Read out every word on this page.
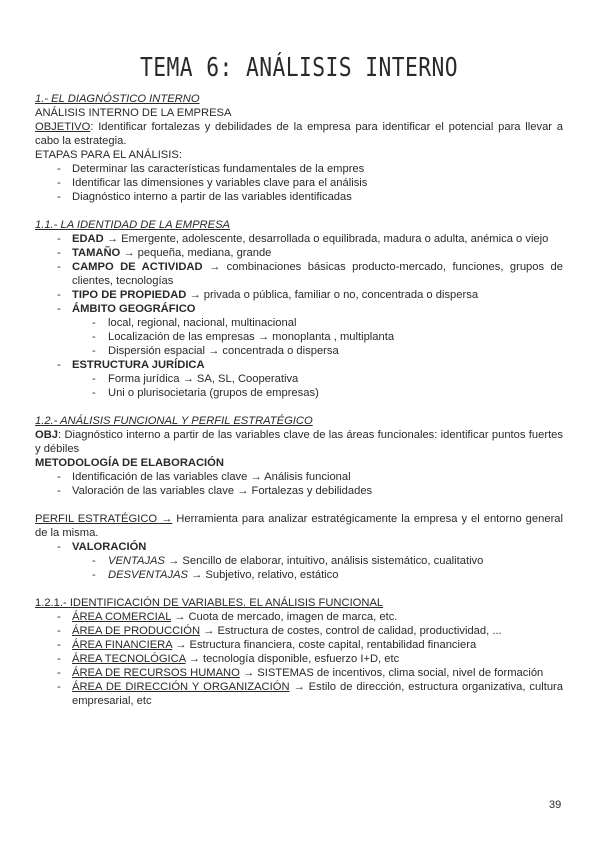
TEMA 6: ANÁLISIS INTERNO

1.- EL DIAGNÓSTICO INTERNO

ANÁLISIS INTERNO DE LA EMPRESA

OBJETIVO: Identificar fortalezas y debilidades de la empresa para identificar el potencial para llevar a cabo la estrategia.

ETAPAS PARA EL ANÁLISIS:

- Determinar las características fundamentales de la empres
- Identificar las dimensiones y variables clave para el análisis
- Diagnóstico interno a partir de las variables identificadas

1.1.- LA IDENTIDAD DE LA EMPRESA

- EDAD → Emergente, adolescente, desarrollada o equilibrada, madura o adulta, anémica o viejo
- TAMAÑO → pequeña, mediana, grande
- CAMPO DE ACTIVIDAD → combinaciones básicas producto-mercado, funciones, grupos de clientes, tecnologías
- TIPO DE PROPIEDAD → privada o pública, familiar o no, concentrada o dispersa
- ÁMBITO GEOGRÁFICO
- local, regional, nacional, multinacional
- Localización de las empresas → monoplanta , multiplanta
- Dispersión espacial → concentrada o dispersa
- ESTRUCTURA JURÍDICA
- Forma jurídica → SA, SL, Cooperativa
- Uni o plurisocietaria (grupos de empresas)

1.2.- ANÁLISIS FUNCIONAL Y PERFIL ESTRATÉGICO

OBJ: Diagnóstico interno a partir de las variables clave de las áreas funcionales: identificar puntos fuertes y débiles

METODOLOGÍA DE ELABORACIÓN

- Identificación de las variables clave → Análisis funcional
- Valoración de las variables clave → Fortalezas y debilidades

PERFIL ESTRATÉGICO → Herramienta para analizar estratégicamente la empresa y el entorno general de la misma.

- VALORACIÓN
- VENTAJAS → Sencillo de elaborar, intuitivo, análisis sistemático, cualitativo
- DESVENTAJAS → Subjetivo, relativo, estático

1.2.1.- IDENTIFICACIÓN DE VARIABLES. EL ANÁLISIS FUNCIONAL

- ÁREA COMERCIAL → Cuota de mercado, imagen de marca, etc.
- ÁREA DE PRODUCCIÓN → Estructura de costes, control de calidad, productividad, ...
- ÁREA FINANCIERA → Estructura financiera, coste capital, rentabilidad financiera
- ÁREA TECNOLÓGICA → tecnología disponible, esfuerzo I+D, etc
- ÁREA DE RECURSOS HUMANO → SISTEMAS de incentivos, clima social, nivel de formación
- ÁREA DE DIRECCIÓN Y ORGANIZACIÓN → Estilo de dirección, estructura organizativa, cultura empresarial, etc
39
